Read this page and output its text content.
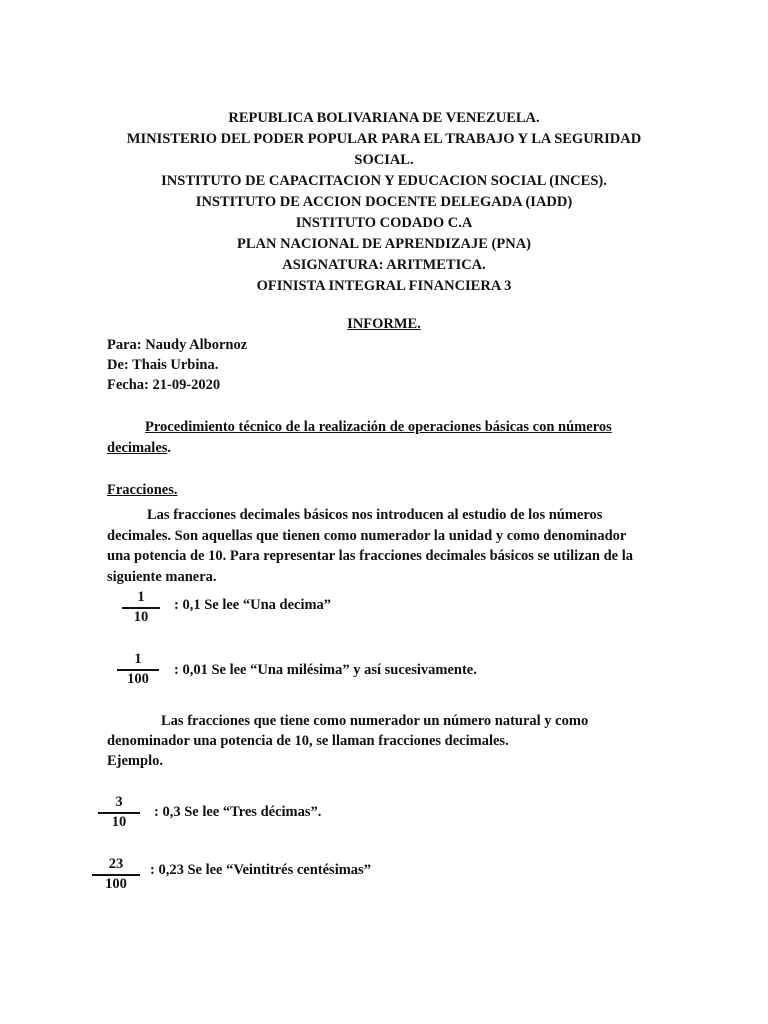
REPUBLICA BOLIVARIANA DE VENEZUELA.
MINISTERIO DEL PODER POPULAR PARA EL TRABAJO Y LA SEGURIDAD
SOCIAL.
INSTITUTO DE CAPACITACION Y EDUCACION SOCIAL (INCES).
INSTITUTO DE ACCION DOCENTE DELEGADA (IADD)
INSTITUTO CODADO C.A
PLAN NACIONAL DE APRENDIZAJE (PNA)
ASIGNATURA: ARITMETICA.
OFINISTA INTEGRAL FINANCIERA 3
INFORME.
Para: Naudy Albornoz
De: Thais Urbina.
Fecha: 21-09-2020
Procedimiento técnico de la realización de operaciones básicas con números
decimales.
Fracciones.
Las fracciones decimales básicos nos introducen al estudio de los números
decimales. Son aquellas que tienen como numerador la unidad y como denominador
una potencia de 10. Para representar las fracciones decimales básicos se utilizan de la
siguiente manera.
1
10
: 0,1 Se lee “Una decima”
1
100
: 0,01 Se lee “Una milésima” y así sucesivamente.
Las fracciones que tiene como numerador un número natural y como
denominador una potencia de 10, se llaman fracciones decimales.
Ejemplo.
3
10
: 0,3 Se lee “Tres décimas”.
23
100
: 0,23 Se lee “Veintitrés centésimas”
